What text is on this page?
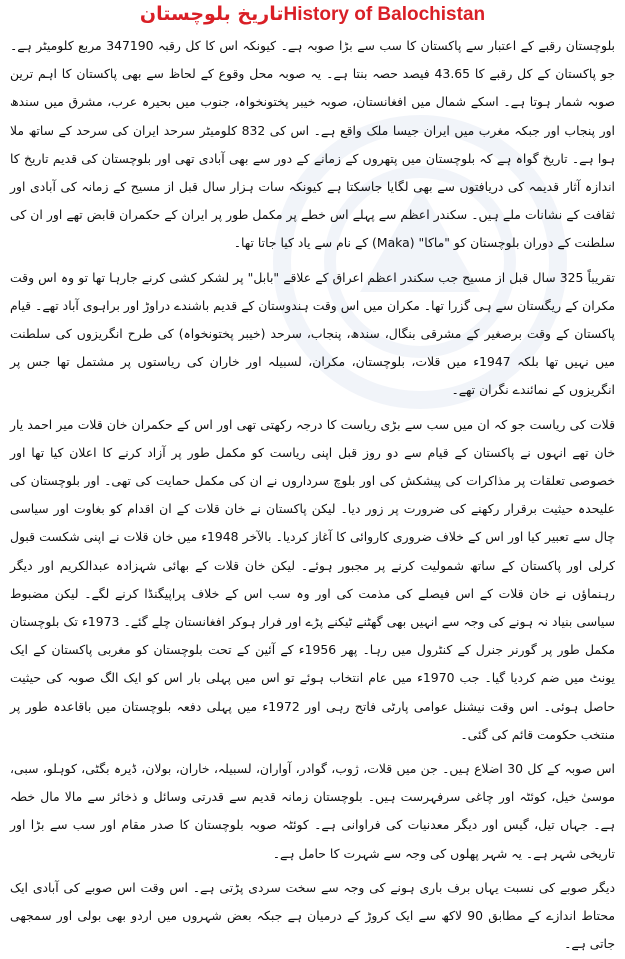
تاریخ بلوچستانHistory of Balochistan

بلوچستان رقبے کے اعتبار سے پاکستان کا سب سے بڑا صوبہ ہے۔ کیونکہ اس کا کل رقبہ 347190 مربع کلومیٹر ہے۔ جو پاکستان کے کل رقبے کا 43.65 فیصد حصہ بنتا ہے۔ یہ صوبہ محل وقوع کے لحاظ سے بھی پاکستان کا اہم ترین صوبہ شمار ہوتا ہے۔ اسکے شمال میں افغانستان، صوبہ خیبر پختونخواہ، جنوب میں بحیرہ عرب، مشرق میں سندھ اور پنجاب اور جبکہ مغرب میں ایران جیسا ملک واقع ہے۔ اس کی 832 کلومیٹر سرحد ایران کی سرحد کے ساتھ ملا ہوا ہے۔ تاریخ گواہ ہے کہ بلوچستان میں پتھروں کے زمانے کے دور سے بھی آبادی تھی اور بلوچستان کی قدیم تاریخ کا اندازہ آثار قدیمہ کی دریافتوں سے بھی لگایا جاسکتا ہے کیونکہ سات ہزار سال قبل از مسیح کے زمانہ کی آبادی اور ثقافت کے نشانات ملے ہیں۔ سکندر اعظم سے پہلے اس خطے پر مکمل طور پر ایران کے حکمران قابض تھے اور ان کی سلطنت کے دوران بلوچستان کو "ماکا" (Maka) کے نام سے یاد کیا جاتا تھا۔

تقریباً 325 سال قبل از مسیح جب سکندر اعظم اعراق کے علاقے "بابل" پر لشکر کشی کرنے جارہا تھا تو وہ اس وقت مکران کے ریگستان سے ہی گزرا تھا۔ مکران میں اس وقت ہندوستان کے قدیم باشندے دراوڑ اور براہوی آباد تھے۔ قیام پاکستان کے وقت برصغیر کے مشرقی بنگال، سندھ، پنجاب، سرحد (خیبر پختونخواہ) کی طرح انگریزوں کی سلطنت میں نہیں تھا بلکہ 1947ء میں قلات، بلوچستان، مکران، لسبیلہ اور خاران کی ریاستوں پر مشتمل تھا جس پر انگریزوں کے نمائندے نگران تھے۔

قلات کی ریاست جو کہ ان میں سب سے بڑی ریاست کا درجہ رکھتی تھی اور اس کے حکمران خان قلات میر احمد یار خان تھے انہوں نے پاکستان کے قیام سے دو روز قبل اپنی ریاست کو مکمل طور پر آزاد کرنے کا اعلان کیا تھا اور خصوصی تعلقات پر مذاکرات کی پیشکش کی اور بلوچ سرداروں نے ان کی مکمل حمایت کی تھی۔ اور بلوچستان کی علیحدہ حیثیت برقرار رکھنے کی ضرورت پر زور دیا۔ لیکن پاکستان نے خان قلات کے ان اقدام کو بغاوت اور سیاسی چال سے تعبیر کیا اور اس کے خلاف ضروری کاروائی کا آغاز کردیا۔ بالآخر 1948ء میں خان قلات نے اپنی شکست قبول کرلی اور پاکستان کے ساتھ شمولیت کرنے پر مجبور ہوئے۔ لیکن خان قلات کے بھائی شہزادہ عبدالکریم اور دیگر رہنماؤں نے خان قلات کے اس فیصلے کی مذمت کی اور وہ سب اس کے خلاف پراپیگنڈا کرنے لگے۔ لیکن مضبوط سیاسی بنیاد نہ ہونے کی وجہ سے انہیں بھی گھٹنے ٹیکنے پڑے اور فرار ہوکر افغانستان چلے گئے۔ 1973ء تک بلوچستان مکمل طور پر گورنر جنرل کے کنٹرول میں رہا۔ پھر 1956ء کے آئین کے تحت بلوچستان کو مغربی پاکستان کے ایک یونٹ میں ضم کردیا گیا۔ جب 1970ء میں عام انتخاب ہوئے تو اس میں پہلی بار اس کو ایک الگ صوبہ کی حیثیت حاصل ہوئی۔ اس وقت نیشنل عوامی پارٹی فاتح رہی اور 1972ء میں پہلی دفعہ بلوچستان میں باقاعدہ طور پر منتخب حکومت قائم کی گئی۔

اس صوبہ کے کل 30 اضلاع ہیں۔ جن میں قلات، ژوب، گوادر، آواران، لسبیلہ، خاران، بولان، ڈیرہ بگٹی، کوہلو، سبی، موسیٰ خیل، کوئٹہ اور چاغی سرفہرست ہیں۔ بلوچستان زمانہ قدیم سے قدرتی وسائل و ذخائر سے مالا مال خطہ ہے۔ جہاں تیل، گیس اور دیگر معدنیات کی فراوانی ہے۔ کوئٹہ صوبہ بلوچستان کا صدر مقام اور سب سے بڑا اور تاریخی شہر ہے۔ یہ شہر پھلوں کی وجہ سے شہرت کا حامل ہے۔

دیگر صوبے کی نسبت یہاں برف باری ہونے کی وجہ سے سخت سردی پڑتی ہے۔ اس وقت اس صوبے کی آبادی ایک محتاط اندازے کے مطابق 90 لاکھ سے ایک کروڑ کے درمیان ہے جبکہ بعض شہروں میں اردو بھی بولی اور سمجھی جاتی ہے۔
